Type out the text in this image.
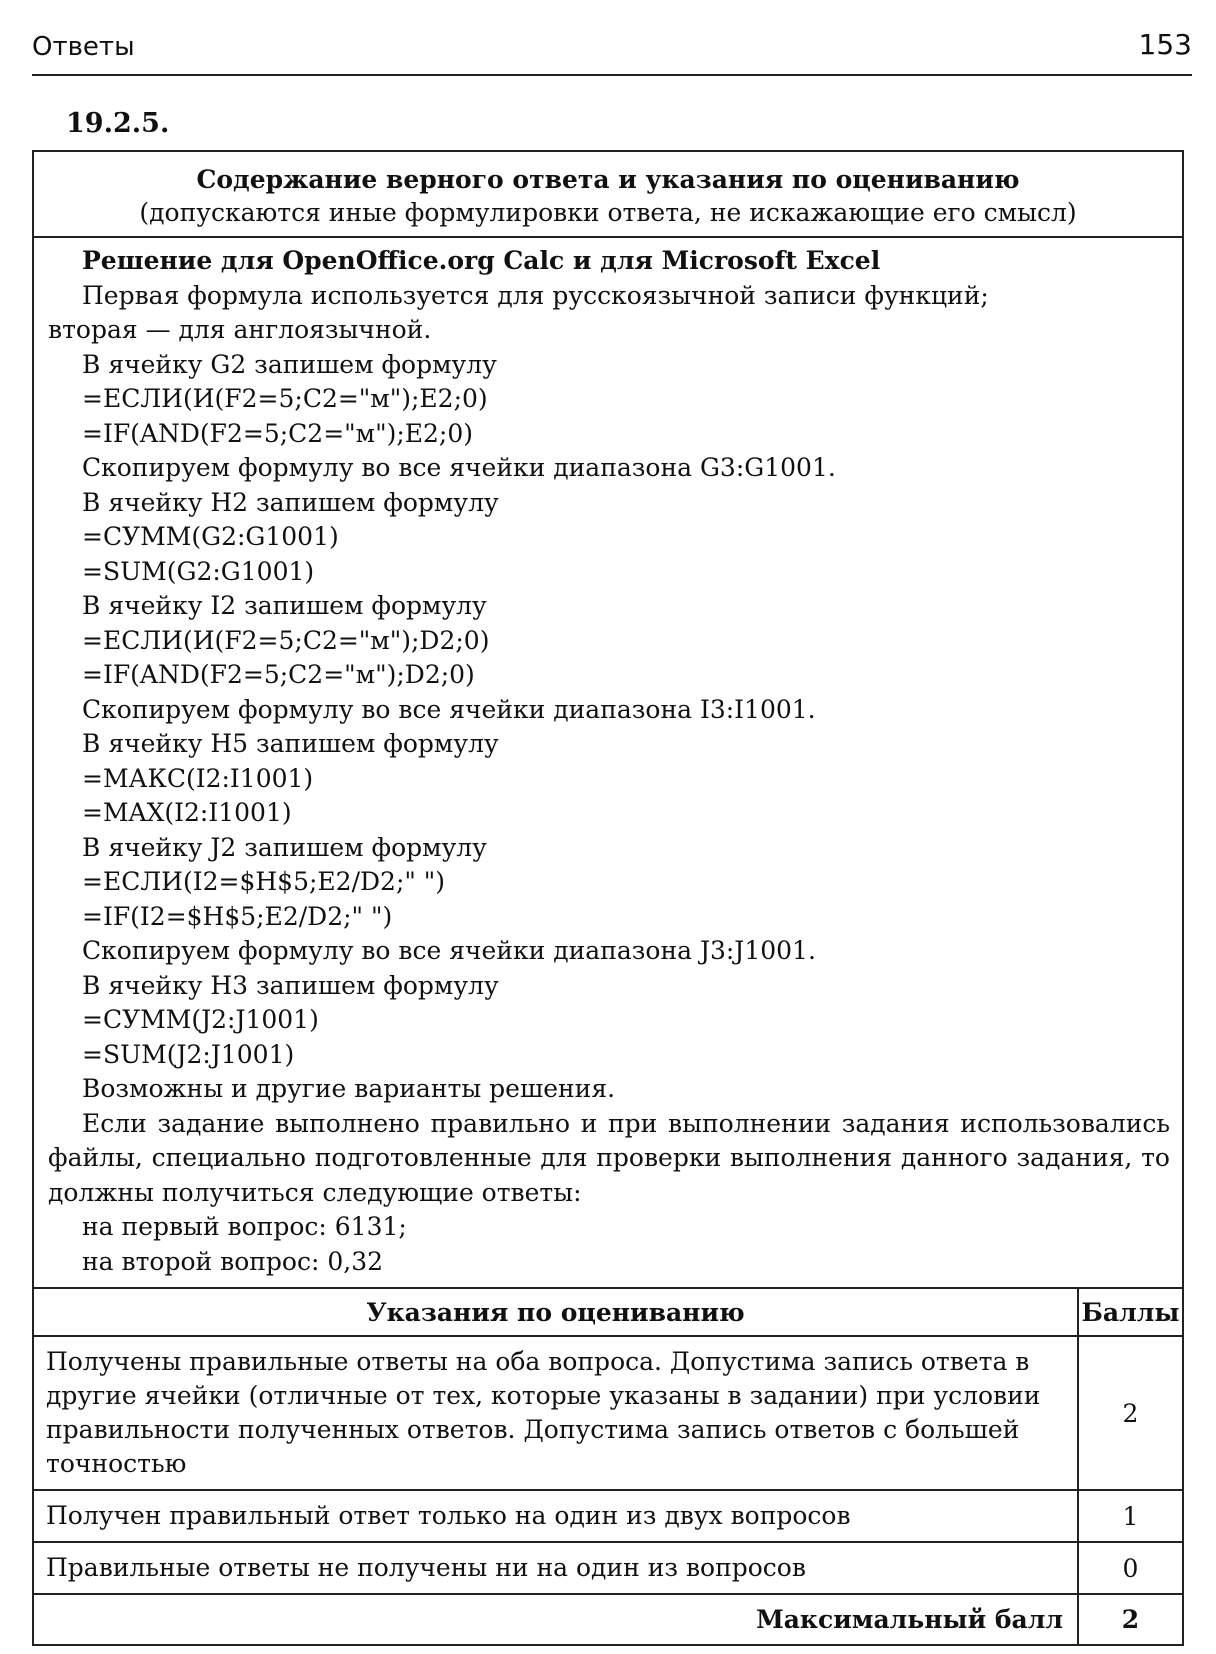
Ответы	153
19.2.5.
Содержание верного ответа и указания по оцениванию
(допускаются иные формулировки ответа, не искажающие его смысл)
Решение для OpenOffice.org Calc и для Microsoft Excel
Первая формула используется для русскоязычной записи функций;
вторая — для англоязычной.
В ячейку G2 запишем формулу
=ЕСЛИ(И(F2=5;C2="м");E2;0)
=IF(AND(F2=5;C2="м");E2;0)
Скопируем формулу во все ячейки диапазона G3:G1001.
В ячейку H2 запишем формулу
=СУММ(G2:G1001)
=SUM(G2:G1001)
В ячейку I2 запишем формулу
=ЕСЛИ(И(F2=5;C2="м");D2;0)
=IF(AND(F2=5;C2="м");D2;0)
Скопируем формулу во все ячейки диапазона I3:I1001.
В ячейку H5 запишем формулу
=МАКС(I2:I1001)
=MAX(I2:I1001)
В ячейку J2 запишем формулу
=ЕСЛИ(I2=$H$5;E2/D2;" ")
=IF(I2=$H$5;E2/D2;" ")
Скопируем формулу во все ячейки диапазона J3:J1001.
В ячейку H3 запишем формулу
=СУММ(J2:J1001)
=SUM(J2:J1001)
Возможны и другие варианты решения.
Если задание выполнено правильно и при выполнении задания использовались файлы, специально подготовленные для проверки выполнения данного задания, то должны получиться следующие ответы:
на первый вопрос: 6131;
на второй вопрос: 0,32
Указания по оцениванию	Баллы
Получены правильные ответы на оба вопроса. Допустима запись ответа в другие ячейки (отличные от тех, которые указаны в задании) при условии правильности полученных ответов. Допустима запись ответов с большей точностью	2
Получен правильный ответ только на один из двух вопросов	1
Правильные ответы не получены ни на один из вопросов	0
Максимальный балл	2
